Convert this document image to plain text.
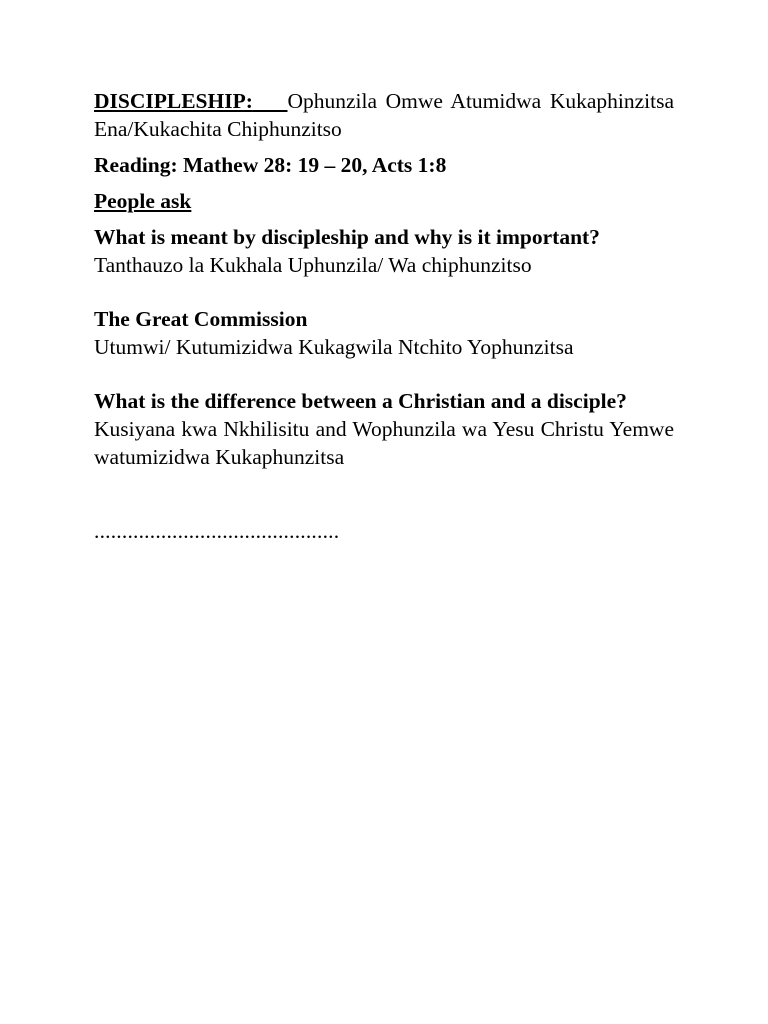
DISCIPLESHIP: Ophunzila Omwe Atumidwa Kukaphinzitsa Ena/Kukachita Chiphunzitso

Reading: Mathew 28: 19 – 20, Acts 1:8

People ask

What is meant by discipleship and why is it important?

Tanthauzo la Kukhala Uphunzila/ Wa chiphunzitso

The Great Commission

Utumwi/ Kutumizidwa Kukagwila Ntchito Yophunzitsa

What is the difference between a Christian and a disciple?

Kusiyana kwa Nkhilisitu and Wophunzila wa Yesu Christu Yemwe watumizidwa Kukaphunzitsa

............................................
